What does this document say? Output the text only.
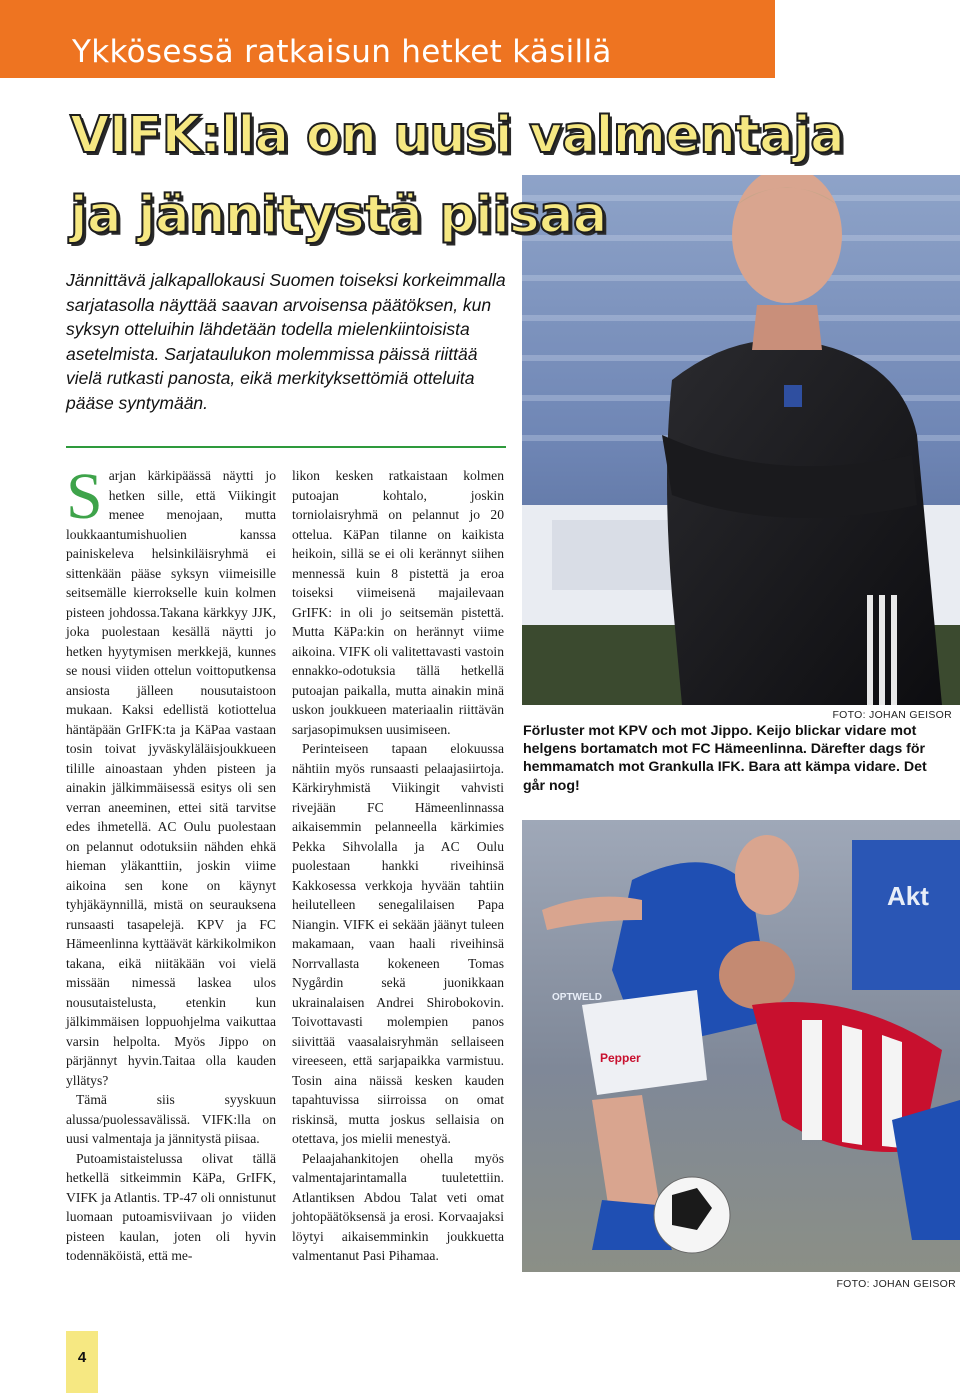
Ykkösessä ratkaisun hetket käsillä
VIFK:lla on uusi valmentaja
ja jännitystä piisaa

Jännittävä jalkapallokausi Suomen toiseksi korkeimmalla sarjatasolla näyttää saavan arvoisensa päätöksen, kun syksyn otteluihin lähdetään todella mielenkiintoisista asetelmista. Sarjataulukon molemmissa päissä riittää vielä rutkasti panosta, eikä merkityksettömiä otteluita pääse syntymään.

Sarjan kärkipäässä näytti jo hetken sille, että Viikingit menee menojaan, mutta loukkaantumishuolien kanssa painiskeleva helsinkiläisryhmä ei sittenkään pääse syksyn viimeisille seitsemälle kierrokselle kuin kolmen pisteen johdossa.Takana kärkkyy JJK, joka puolestaan kesällä näytti jo hetken hyytymisen merkkejä, kunnes se nousi viiden ottelun voittoputkensa ansiosta jälleen nousutaistoon mukaan. Kaksi edellistä kotiottelua häntäpään GrIFK:ta ja KäPaa vastaan tosin toivat jyväskyläläisjoukkueen tilille ainoastaan yhden pisteen ja ainakin jälkimmäisessä esitys oli sen verran aneeminen, ettei sitä tarvitse edes ihmetellä. AC Oulu puolestaan on pelannut odotuksiin nähden ehkä hieman yläkanttiin, joskin viime aikoina sen kone on käynyt tyhjäkäynnillä, mistä on seurauksena runsaasti tasapelejä. KPV ja FC Hämeenlinna kyttäävät kärkikolmikon takana, eikä niitäkään voi vielä missään nimessä laskea ulos nousutaistelusta, etenkin kun jälkimmäisen loppuohjelma vaikuttaa varsin helpolta. Myös Jippo on pärjännyt hyvin.Taitaa olla kauden yllätys?

Tämä siis syyskuun alussa/puolessavälissä. VIFK:lla on uusi valmentaja ja jännitystä piisaa.

Putoamistaistelussa olivat tällä hetkellä sitkeimmin KäPa, GrIFK, VIFK ja Atlantis. TP-47 oli onnistunut luomaan putoamisviivaan jo viiden pisteen kaulan, joten oli hyvin todennäköistä, että me-

likon kesken ratkaistaan kolmen putoajan kohtalo, joskin torniolaisryhmä on pelannut jo 20 ottelua. KäPan tilanne on kaikista heikoin, sillä se ei oli kerännyt siihen mennessä kuin 8 pistettä ja eroa toiseksi viimeisenä majailevaan GrIFK: in oli jo seitsemän pistettä. Mutta KäPa:kin on herännyt viime aikoina. VIFK oli valitettavasti vastoin ennakko-odotuksia tällä hetkellä putoajan paikalla, mutta ainakin minä uskon joukkueen materiaalin riittävän sarjasopimuksen uusimiseen.

Perinteiseen tapaan elokuussa nähtiin myös runsaasti pelaajasiirtoja. Kärkiryhmistä Viikingit vahvisti rivejään FC Hämeenlinnassa aikaisemmin pelanneella kärkimies Pekka Sihvolalla ja AC Oulu puolestaan hankki riveihinsä Kakkosessa verkkoja hyvään tahtiin heilutelleen senegalilaisen Papa Niangin. VIFK ei sekään jäänyt tuleen makamaan, vaan haali riveihinsä Norrvallasta kokeneen Tomas Nygårdin sekä juonikkaan ukrainalaisen Andrei Shirobokovin. Toivottavasti molempien panos siivittää vaasalaisryhmän sellaiseen vireeseen, että sarjapaikka varmistuu. Tosin aina näissä kesken kauden tapahtuvissa siirroissa on omat riskinsä, mutta joskus sellaisia on otettava, jos mielii menestyä.

Pelaajahankitojen ohella myös valmentajarintamalla tuuletettiin. Atlantiksen Abdou Talat veti omat johtopäätöksensä ja erosi. Korvaajaksi löytyi aikaisemminkin joukkuetta valmentanut Pasi Pihamaa.

FOTO: JOHAN GEISOR

Förluster mot KPV och mot Jippo. Keijo blickar vidare mot helgens bortamatch mot FC Hämeenlinna. Därefter dags för hemmamatch mot Grankulla IFK. Bara att kämpa vidare. Det går nog!

Akt
Pepper
OPTWELD
FOTO: JOHAN GEISOR
4
